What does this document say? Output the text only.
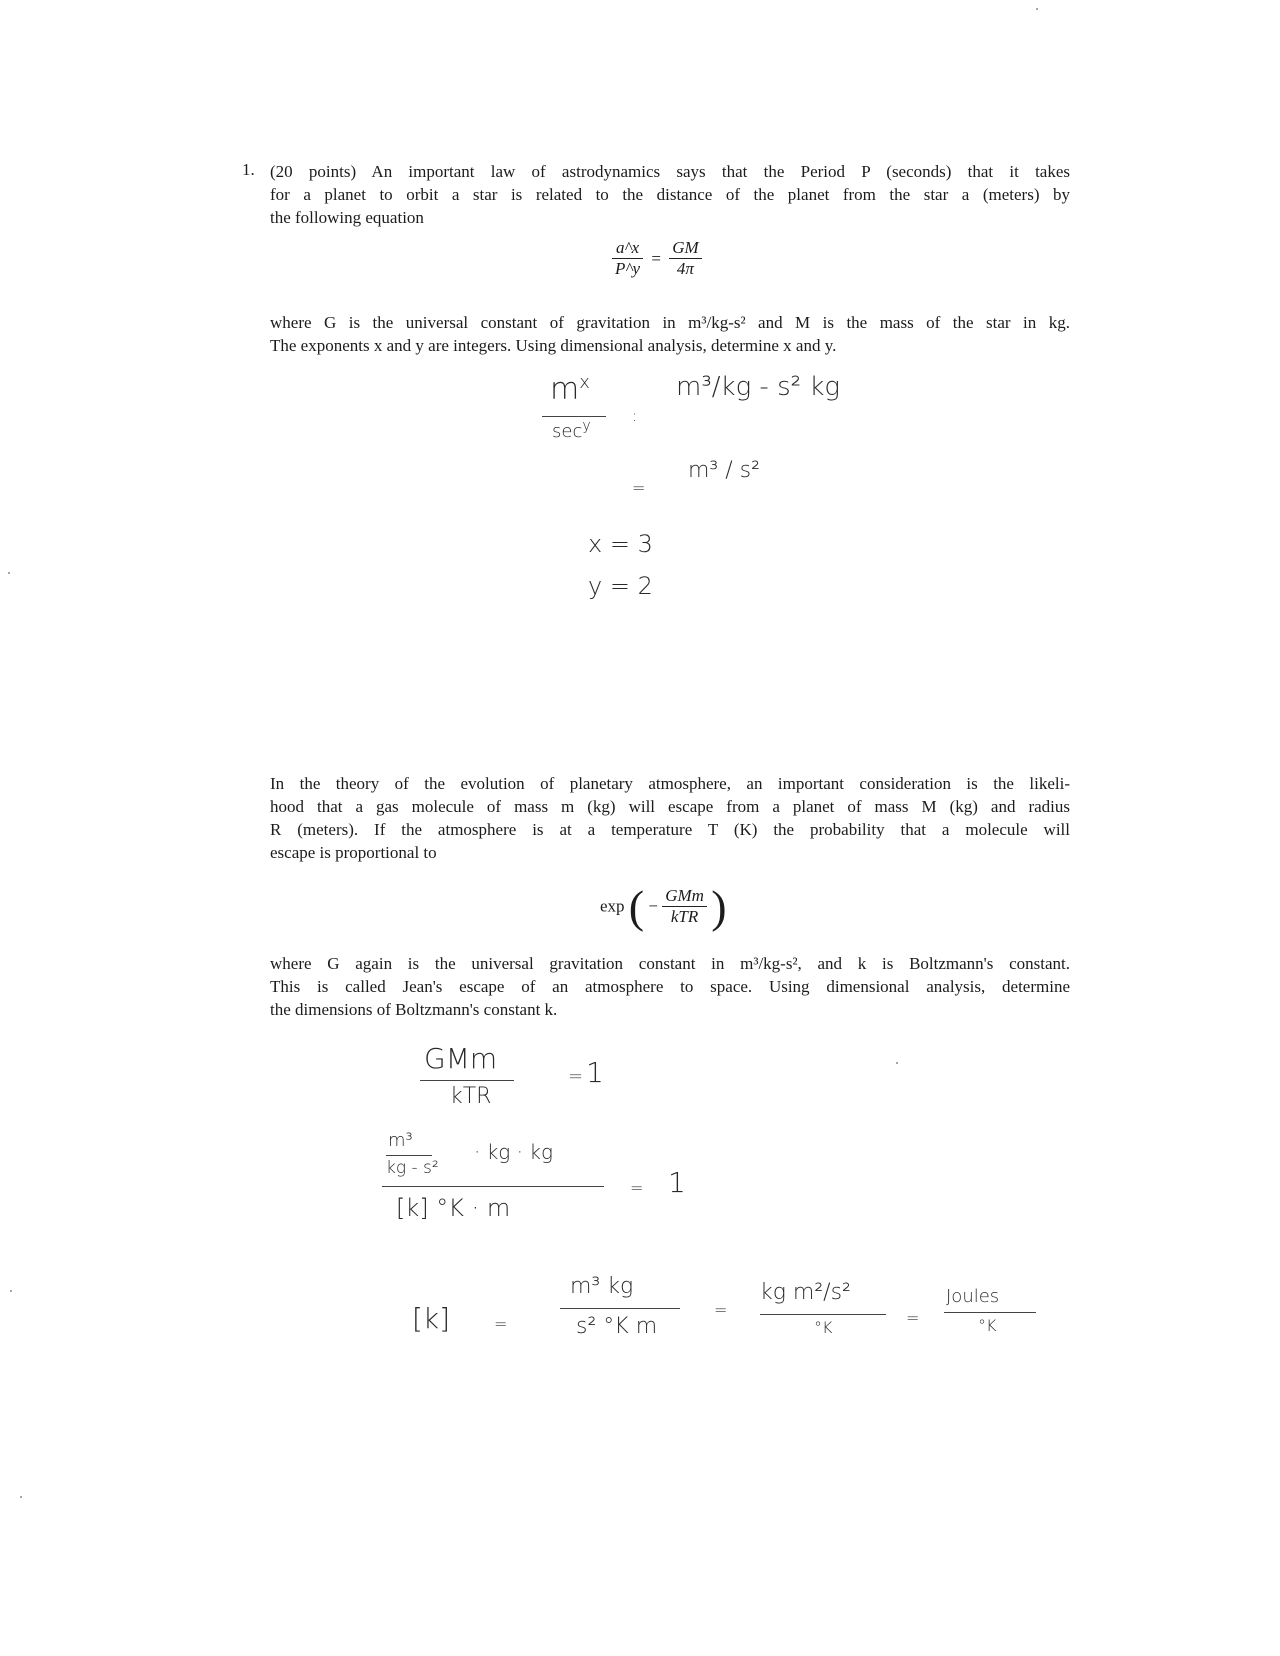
1. (20 points) An important law of astrodynamics says that the Period P (seconds) that it takes
for a planet to orbit a star is related to the distance of the planet from the star a (meters) by
the following equation
$\frac{a\^{}x}{P\^{}y} = \frac{GM}{4\pi}$
where G is the universal constant of gravitation in m³/kg-s² and M is the mass of the star in kg.
The exponents x and y are integers. Using dimensional analysis, determine x and y.
$m^x$
$\sec^y$
:
m³/kg - s² kg
=
m³ / s²
x = 3
y = 2
In the theory of the evolution of planetary atmosphere, an important consideration is the likeli-
hood that a gas molecule of mass m (kg) will escape from a planet of mass M (kg) and radius
R (meters). If the atmosphere is at a temperature T (K) the probability that a molecule will
escape is proportional to
exp ( − $\frac{\text{GMm}}{\text{kTR}}$ )
where G again is the universal gravitation constant in m³/kg-s², and k is Boltzmann's constant.
This is called Jean's escape of an atmosphere to space. Using dimensional analysis, determine
the dimensions of Boltzmann's constant k.
GMm
kTR
= 1
m³	· kg · kg
kg - s²
[k] °K · m
= 1
[k]	=
m³ kg
s² °K m
=
kg m²/s²
°K
=
Joules
°K
